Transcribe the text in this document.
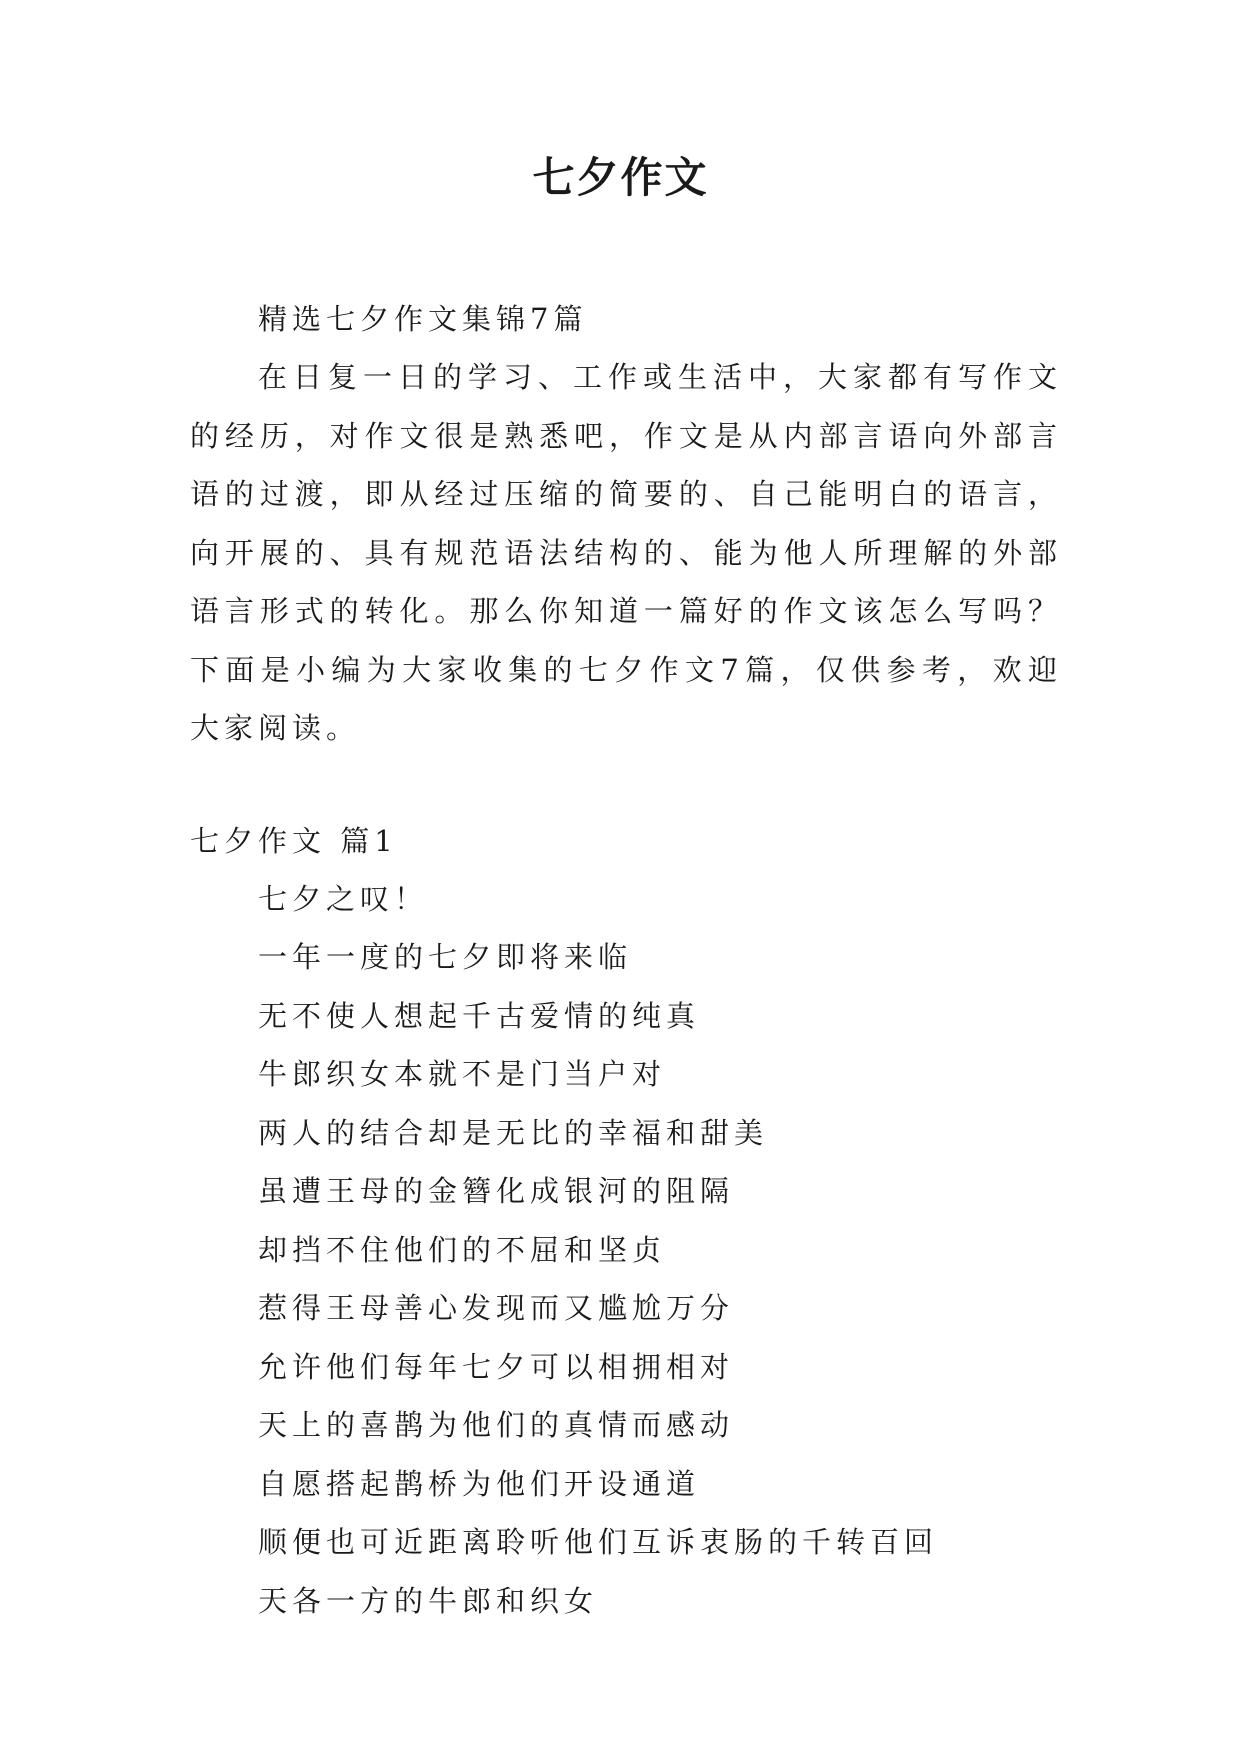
七夕作文
精选七夕作文集锦7篇
在日复一日的学习、工作或生活中，大家都有写作文的经历，对作文很是熟悉吧，作文是从内部言语向外部言语的过渡，即从经过压缩的简要的、自己能明白的语言，向开展的、具有规范语法结构的、能为他人所理解的外部语言形式的转化。那么你知道一篇好的作文该怎么写吗？下面是小编为大家收集的七夕作文7篇，仅供参考，欢迎大家阅读。
七夕作文 篇1
七夕之叹！
一年一度的七夕即将来临
无不使人想起千古爱情的纯真
牛郎织女本就不是门当户对
两人的结合却是无比的幸福和甜美
虽遭王母的金簪化成银河的阻隔
却挡不住他们的不屈和坚贞
惹得王母善心发现而又尴尬万分
允许他们每年七夕可以相拥相对
天上的喜鹊为他们的真情而感动
自愿搭起鹊桥为他们开设通道
顺便也可近距离聆听他们互诉衷肠的千转百回
天各一方的牛郎和织女
